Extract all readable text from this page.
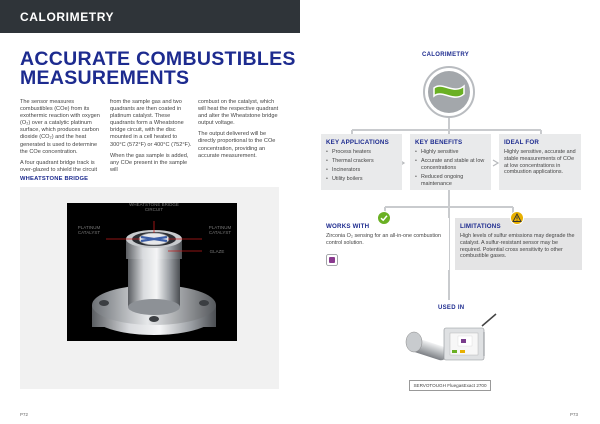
CALORIMETRY
ACCURATE COMBUSTIBLES
MEASUREMENTS

The sensor measures combustibles (COe) from its exothermic reaction with oxygen (O₂) over a catalytic platinum surface, which produces carbon dioxide (CO₂) and the heat generated is used to determine the COe concentration.

A four quadrant bridge track is over-glazed to shield the circuit

from the sample gas and two quadrants are then coated in platinum catalyst. These quadrants form a Wheatstone bridge circuit, with the disc mounted in a cell heated to 300°C (572°F) or 400°C (752°F).

When the gas sample is added, any COe present in the sample will

combust on the catalyst, which will heat the respective quadrant and alter the Wheatstone bridge output voltage.

The output delivered will be directly proportional to the COe concentration, providing an accurate measurement.

WHEATSTONE BRIDGE
WHEATSTONE BRIDGE CIRCUIT
PLATINUM CATALYST
PLATINUM CATALYST
GLAZE
P72	P73
CALORIMETRY
KEY APPLICATIONS
• Process heaters
• Thermal crackers
• Incinerators
• Utility boilers
KEY BENEFITS
• Highly sensitive
• Accurate and stable at low concentrations
• Reduced ongoing maintenance
IDEAL FOR
Highly sensitive, accurate and stable measurements of COe at low concentrations in combustion applications.
WORKS WITH
Zirconia O₂ sensing for an all-in-one combustion control solution.
LIMITATIONS
High levels of sulfur emissions may degrade the catalyst. A sulfur-resistant sensor may be required. Potential cross sensitivity to other combustible gases.
USED IN
SERVOTOUGH FluegasExact 2700
